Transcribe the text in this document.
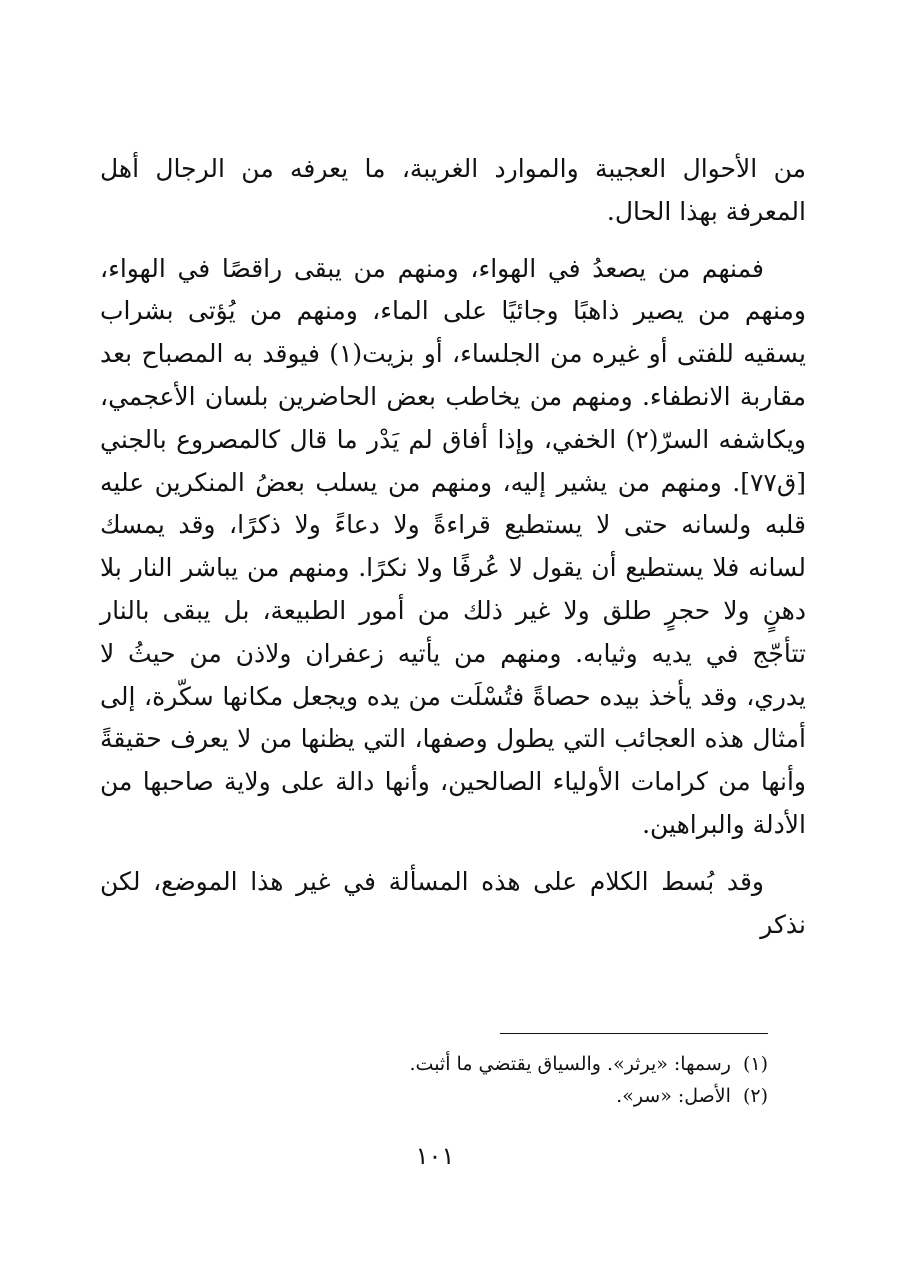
من الأحوال العجيبة والموارد الغريبة، ما يعرفه من الرجال أهل المعرفة بهذا الحال.

فمنهم من يصعدُ في الهواء، ومنهم من يبقى راقصًا في الهواء، ومنهم من يصير ذاهبًا وجائيًا على الماء، ومنهم من يُؤتى بشراب يسقيه للفتى أو غيره من الجلساء، أو بزيت(١) فيوقد به المصباح بعد مقاربة الانطفاء. ومنهم من يخاطب بعض الحاضرين بلسان الأعجمي، ويكاشفه السرّ(٢) الخفي، وإذا أفاق لم يَدْر ما قال كالمصروع بالجني [ق٧٧]. ومنهم من يشير إليه، ومنهم من يسلب بعضُ المنكرين عليه قلبه ولسانه حتى لا يستطيع قراءةً ولا دعاءً ولا ذكرًا، وقد يمسك لسانه فلا يستطيع أن يقول لا عُرفًا ولا نكرًا. ومنهم من يباشر النار بلا دهنٍ ولا حجرٍ طلق ولا غير ذلك من أمور الطبيعة، بل يبقى بالنار تتأجّج في يديه وثيابه. ومنهم من يأتيه زعفران ولاذن من حيثُ لا يدري، وقد يأخذ بيده حصاةً فتُسْلَت من يده ويجعل مكانها سكّرة، إلى أمثال هذه العجائب التي يطول وصفها، التي يظنها من لا يعرف حقيقةً وأنها من كرامات الأولياء الصالحين، وأنها دالة على ولاية صاحبها من الأدلة والبراهين.

وقد بُسط الكلام على هذه المسألة في غير هذا الموضع، لكن نذكر

(١)رسمها: «يرثر». والسياق يقتضي ما أثبت.
(٢)الأصل: «سر».
١٠١
